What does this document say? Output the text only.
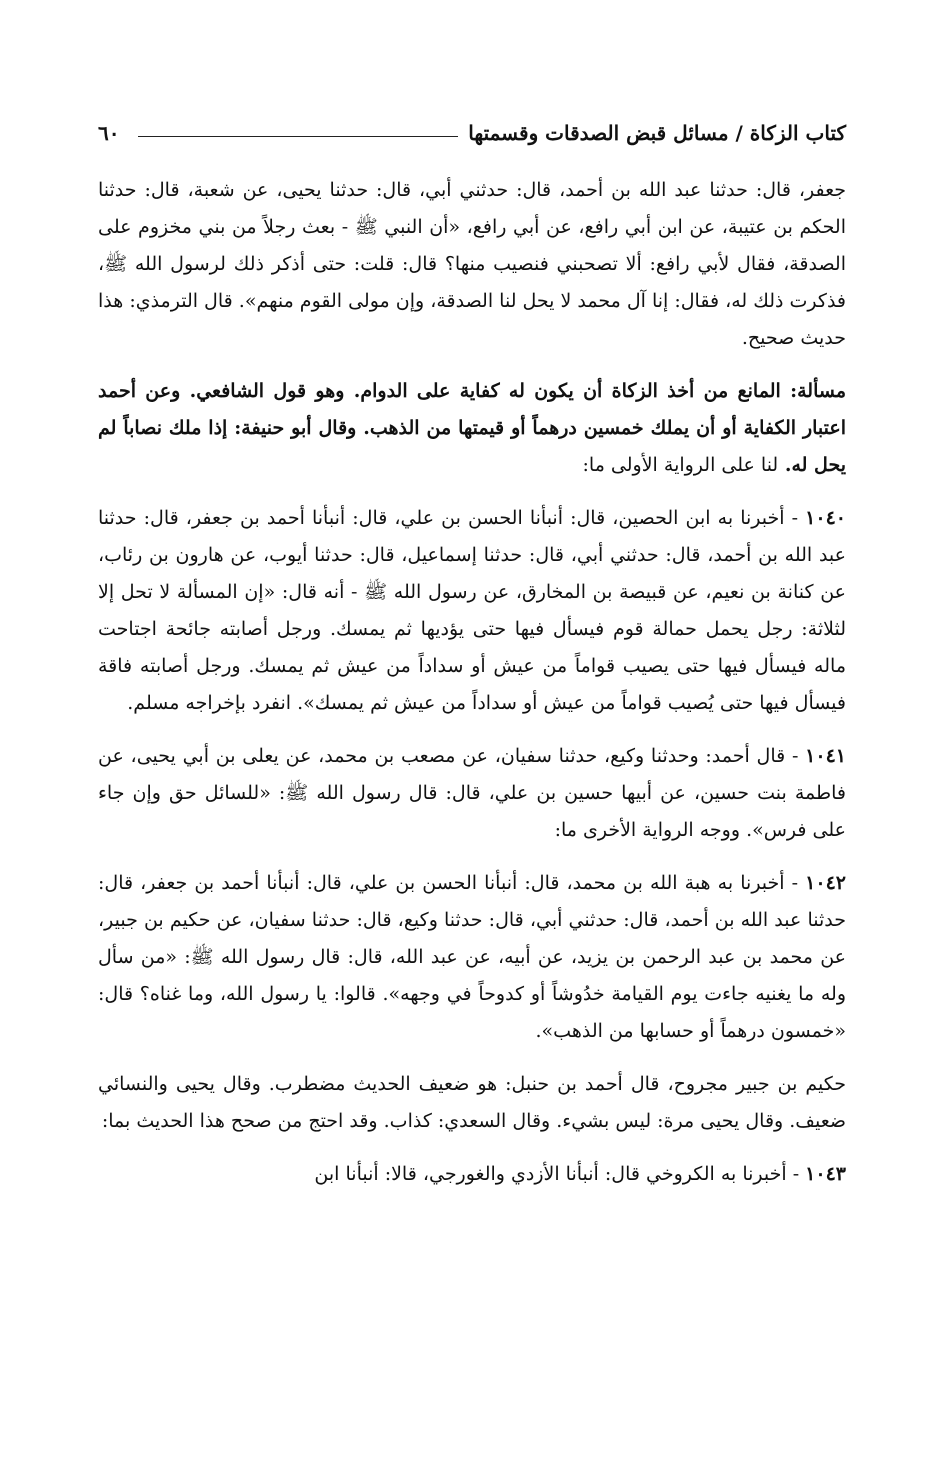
كتاب الزكاة / مسائل قبض الصدقات وقسمتها
٦٠

جعفر، قال: حدثنا عبد الله بن أحمد، قال: حدثني أبي، قال: حدثنا يحيى، عن شعبة، قال: حدثنا الحكم بن عتيبة، عن ابن أبي رافع، عن أبي رافع، «أن النبي ﷺ - بعث رجلاً من بني مخزوم على الصدقة، فقال لأبي رافع: ألا تصحبني فنصيب منها؟ قال: قلت: حتى أذكر ذلك لرسول الله ﷺ، فذكرت ذلك له، فقال: إنا آل محمد لا يحل لنا الصدقة، وإن مولى القوم منهم». قال الترمذي: هذا حديث صحيح.

مسألة: المانع من أخذ الزكاة أن يكون له كفاية على الدوام. وهو قول الشافعي. وعن أحمد اعتبار الكفاية أو أن يملك خمسين درهماً أو قيمتها من الذهب. وقال أبو حنيفة: إذا ملك نصاباً لم يحل له. لنا على الرواية الأولى ما:

١٠٤٠ - أخبرنا به ابن الحصين، قال: أنبأنا الحسن بن علي، قال: أنبأنا أحمد بن جعفر، قال: حدثنا عبد الله بن أحمد، قال: حدثني أبي، قال: حدثنا إسماعيل، قال: حدثنا أيوب، عن هارون بن رئاب، عن كنانة بن نعيم، عن قبيصة بن المخارق، عن رسول الله ﷺ - أنه قال: «إن المسألة لا تحل إلا لثلاثة: رجل يحمل حمالة قوم فيسأل فيها حتى يؤديها ثم يمسك. ورجل أصابته جائحة اجتاحت ماله فيسأل فيها حتى يصيب قواماً من عيش أو سداداً من عيش ثم يمسك. ورجل أصابته فاقة فيسأل فيها حتى يُصيب قواماً من عيش أو سداداً من عيش ثم يمسك». انفرد بإخراجه مسلم.

١٠٤١ - قال أحمد: وحدثنا وكيع، حدثنا سفيان، عن مصعب بن محمد، عن يعلى بن أبي يحيى، عن فاطمة بنت حسين، عن أبيها حسين بن علي، قال: قال رسول الله ﷺ: «للسائل حق وإن جاء على فرس». ووجه الرواية الأخرى ما:

١٠٤٢ - أخبرنا به هبة الله بن محمد، قال: أنبأنا الحسن بن علي، قال: أنبأنا أحمد بن جعفر، قال: حدثنا عبد الله بن أحمد، قال: حدثني أبي، قال: حدثنا وكيع، قال: حدثنا سفيان، عن حكيم بن جبير، عن محمد بن عبد الرحمن بن يزيد، عن أبيه، عن عبد الله، قال: قال رسول الله ﷺ: «من سأل وله ما يغنيه جاءت يوم القيامة خدُوشاً أو كدوحاً في وجهه». قالوا: يا رسول الله، وما غناه؟ قال: «خمسون درهماً أو حسابها من الذهب».

حكيم بن جبير مجروح، قال أحمد بن حنبل: هو ضعيف الحديث مضطرب. وقال يحيى والنسائي ضعيف. وقال يحيى مرة: ليس بشيء. وقال السعدي: كذاب. وقد احتج من صحح هذا الحديث بما:

١٠٤٣ - أخبرنا به الكروخي قال: أنبأنا الأزدي والغورجي، قالا: أنبأنا ابن
